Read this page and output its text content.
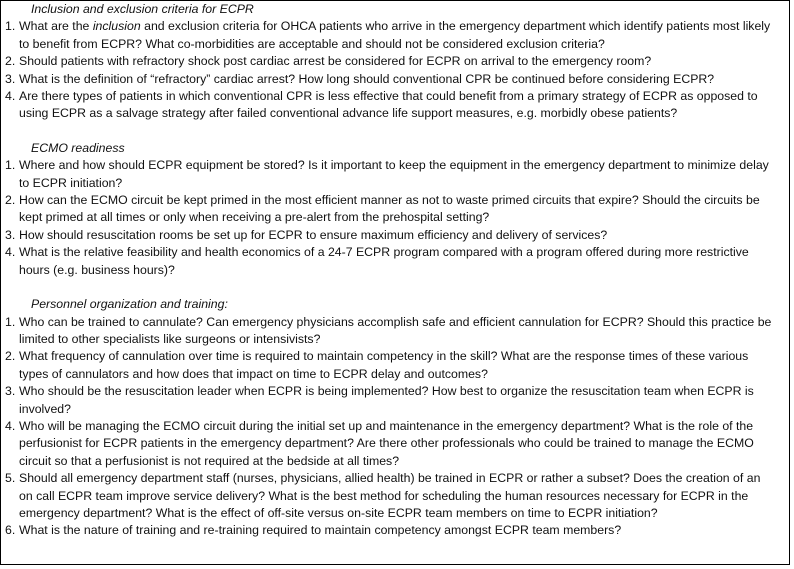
Inclusion and exclusion criteria for ECPR
1. What are the inclusion and exclusion criteria for OHCA patients who arrive in the emergency department which identify patients most likely to benefit from ECPR? What co-morbidities are acceptable and should not be considered exclusion criteria?
2. Should patients with refractory shock post cardiac arrest be considered for ECPR on arrival to the emergency room?
3. What is the definition of “refractory” cardiac arrest? How long should conventional CPR be continued before considering ECPR?
4. Are there types of patients in which conventional CPR is less effective that could benefit from a primary strategy of ECPR as opposed to using ECPR as a salvage strategy after failed conventional advance life support measures, e.g. morbidly obese patients?
ECMO readiness
1. Where and how should ECPR equipment be stored? Is it important to keep the equipment in the emergency department to minimize delay to ECPR initiation?
2. How can the ECMO circuit be kept primed in the most efficient manner as not to waste primed circuits that expire? Should the circuits be kept primed at all times or only when receiving a pre-alert from the prehospital setting?
3. How should resuscitation rooms be set up for ECPR to ensure maximum efficiency and delivery of services?
4. What is the relative feasibility and health economics of a 24-7 ECPR program compared with a program offered during more restrictive hours (e.g. business hours)?
Personnel organization and training:
1. Who can be trained to cannulate? Can emergency physicians accomplish safe and efficient cannulation for ECPR? Should this practice be limited to other specialists like surgeons or intensivists?
2. What frequency of cannulation over time is required to maintain competency in the skill? What are the response times of these various types of cannulators and how does that impact on time to ECPR delay and outcomes?
3. Who should be the resuscitation leader when ECPR is being implemented? How best to organize the resuscitation team when ECPR is involved?
4. Who will be managing the ECMO circuit during the initial set up and maintenance in the emergency department? What is the role of the perfusionist for ECPR patients in the emergency department? Are there other professionals who could be trained to manage the ECMO circuit so that a perfusionist is not required at the bedside at all times?
5. Should all emergency department staff (nurses, physicians, allied health) be trained in ECPR or rather a subset? Does the creation of an on call ECPR team improve service delivery? What is the best method for scheduling the human resources necessary for ECPR in the emergency department? What is the effect of off-site versus on-site ECPR team members on time to ECPR initiation?
6. What is the nature of training and re-training required to maintain competency amongst ECPR team members?
